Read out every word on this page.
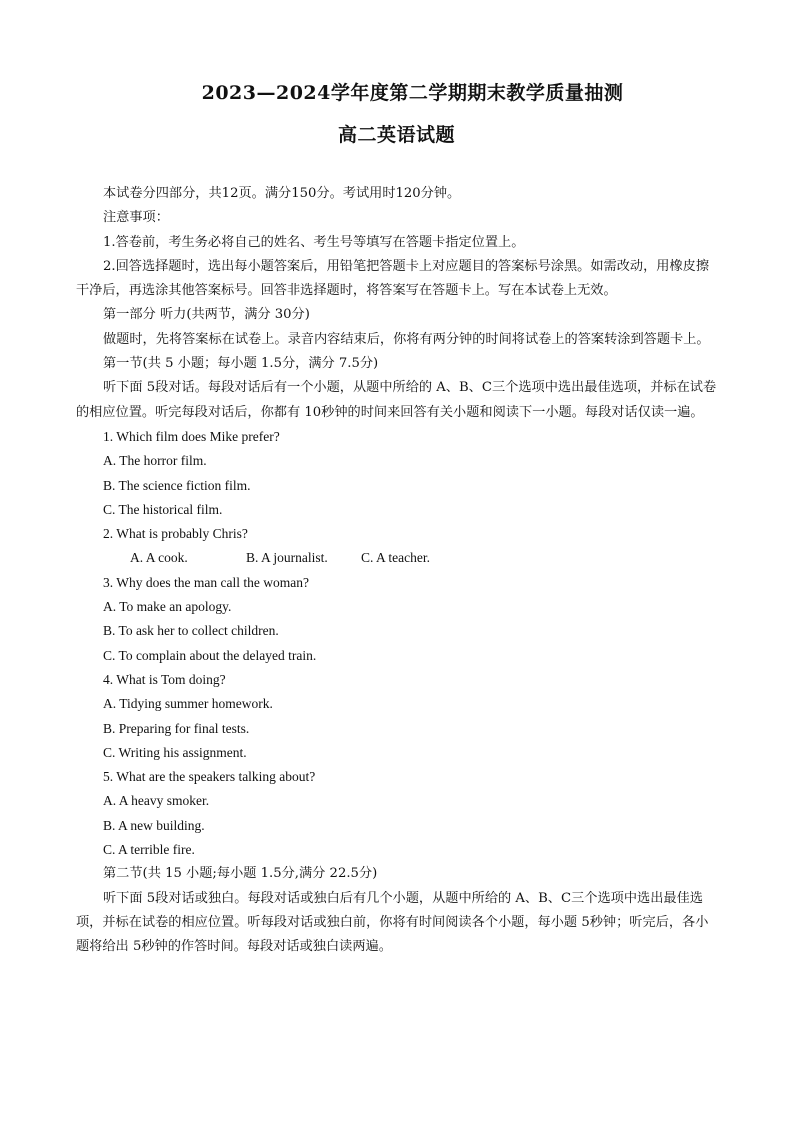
2023—2024学年度第二学期期末教学质量抽测
高二英语试题

本试卷分四部分，共12页。满分150分。考试用时120分钟。

注意事项：

1.答卷前，考生务必将自己的姓名、考生号等填写在答题卡指定位置上。

2.回答选择题时，选出每小题答案后，用铅笔把答题卡上对应题目的答案标号涂黑。如需改动，用橡皮擦干净后，再选涂其他答案标号。回答非选择题时，将答案写在答题卡上。写在本试卷上无效。

第一部分 听力(共两节，满分 30分)

做题时，先将答案标在试卷上。录音内容结束后，你将有两分钟的时间将试卷上的答案转涂到答题卡上。

第一节(共 5 小题；每小题 1.5分，满分 7.5分)

听下面 5段对话。每段对话后有一个小题，从题中所给的 A、B、C三个选项中选出最佳选项，并标在试卷的相应位置。听完每段对话后，你都有 10秒钟的时间来回答有关小题和阅读下一小题。每段对话仅读一遍。

1. Which film does Mike prefer?

A. The horror film.

B. The science fiction film.

C. The historical film.

2. What is probably Chris?

A. A cook.	B. A journalist. C. A teacher.

3. Why does the man call the woman?

A. To make an apology.

B. To ask her to collect children.

C. To complain about the delayed train.

4. What is Tom doing?

A. Tidying summer homework.

B. Preparing for final tests.

C. Writing his assignment.

5. What are the speakers talking about?

A. A heavy smoker.

B. A new building.

C. A terrible fire.

第二节(共 15 小题;每小题 1.5分,满分 22.5分)

听下面 5段对话或独白。每段对话或独白后有几个小题，从题中所给的 A、B、C三个选项中选出最佳选项，并标在试卷的相应位置。听每段对话或独白前，你将有时间阅读各个小题，每小题 5秒钟；听完后，各小题将给出 5秒钟的作答时间。每段对话或独白读两遍。
